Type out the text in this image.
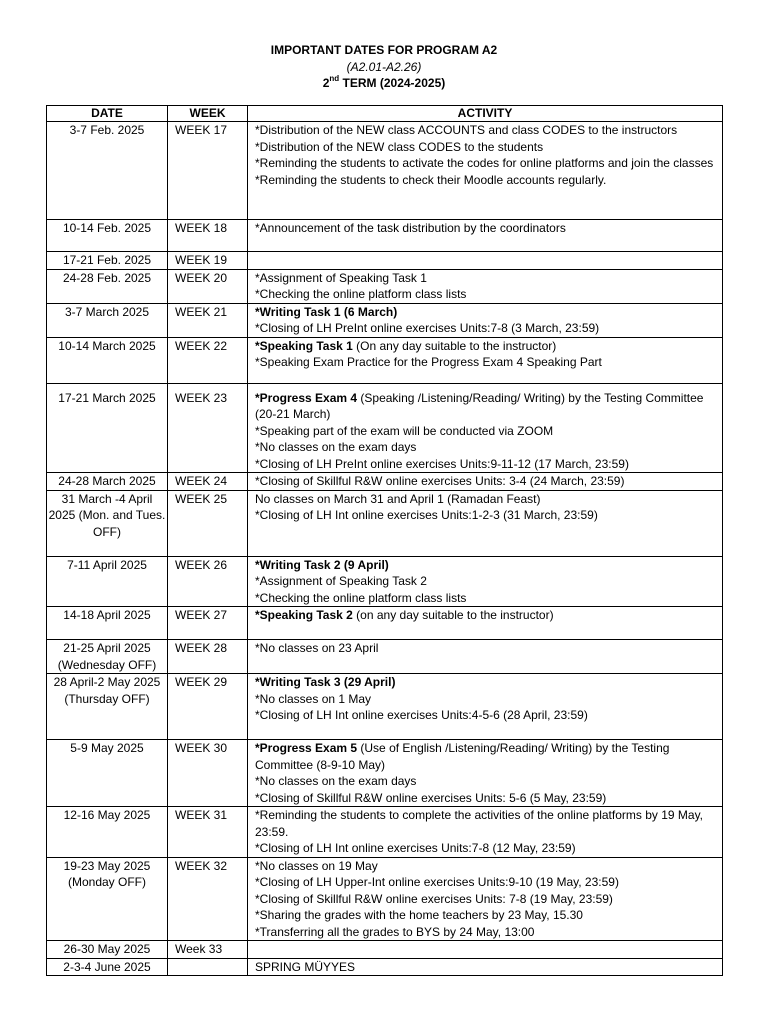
IMPORTANT DATES FOR PROGRAM A2
(A2.01-A2.26)
2nd TERM (2024-2025)
DATE	WEEK	ACTIVITY
3-7 Feb. 2025	WEEK 17	*Distribution of the NEW class ACCOUNTS and class CODES to the instructors
*Distribution of the NEW class CODES to the students
*Reminding the students to activate the codes for online platforms and join the classes
*Reminding the students to check their Moodle accounts regularly.

10-14 Feb. 2025	WEEK 18	*Announcement of the task distribution by the coordinators

17-21 Feb. 2025	WEEK 19	
24-28 Feb. 2025	WEEK 20	*Assignment of Speaking Task 1
*Checking the online platform class lists

3-7 March 2025	WEEK 21	*Writing Task 1 (6 March)
*Closing of LH PreInt online exercises Units:7-8 (3 March, 23:59)

10-14 March 2025	WEEK 22	*Speaking Task 1 (On any day suitable to the instructor)
*Speaking Exam Practice for the Progress Exam 4 Speaking Part

17-21 March 2025	WEEK 23	*Progress Exam 4 (Speaking /Listening/Reading/ Writing) by the Testing Committee (20-21 March)
*Speaking part of the exam will be conducted via ZOOM
*No classes on the exam days
*Closing of LH PreInt online exercises Units:9-11-12 (17 March, 23:59)

24-28 March 2025	WEEK 24	*Closing of Skillful R&W online exercises Units: 3-4 (24 March, 23:59)

31 March -4 April 2025 (Mon. and Tues. OFF)	WEEK 25	No classes on March 31 and April 1 (Ramadan Feast)
*Closing of LH Int online exercises Units:1-2-3 (31 March, 23:59)

7-11 April 2025	WEEK 26	*Writing Task 2 (9 April)
*Assignment of Speaking Task 2
*Checking the online platform class lists

14-18 April 2025	WEEK 27	*Speaking Task 2 (on any day suitable to the instructor)

21-25 April 2025 (Wednesday OFF)	WEEK 28	*No classes on 23 April

28 April-2 May 2025 (Thursday OFF)	WEEK 29	*Writing Task 3 (29 April)
*No classes on 1 May
*Closing of LH Int online exercises Units:4-5-6 (28 April, 23:59)

5-9 May 2025	WEEK 30	*Progress Exam 5 (Use of English /Listening/Reading/ Writing) by the Testing Committee (8-9-10 May)
*No classes on the exam days
*Closing of Skillful R&W online exercises Units: 5-6 (5 May, 23:59)

12-16 May 2025	WEEK 31	*Reminding the students to complete the activities of the online platforms by 19 May, 23:59.
*Closing of LH Int online exercises Units:7-8 (12 May, 23:59)

19-23 May 2025 (Monday OFF)	WEEK 32	*No classes on 19 May
*Closing of LH Upper-Int online exercises Units:9-10 (19 May, 23:59)
*Closing of Skillful R&W online exercises Units: 7-8 (19 May, 23:59)
*Sharing the grades with the home teachers by 23 May, 15.30
*Transferring all the grades to BYS by 24 May, 13:00

26-30 May 2025	Week 33	
2-3-4 June 2025		SPRING MÜYYES
